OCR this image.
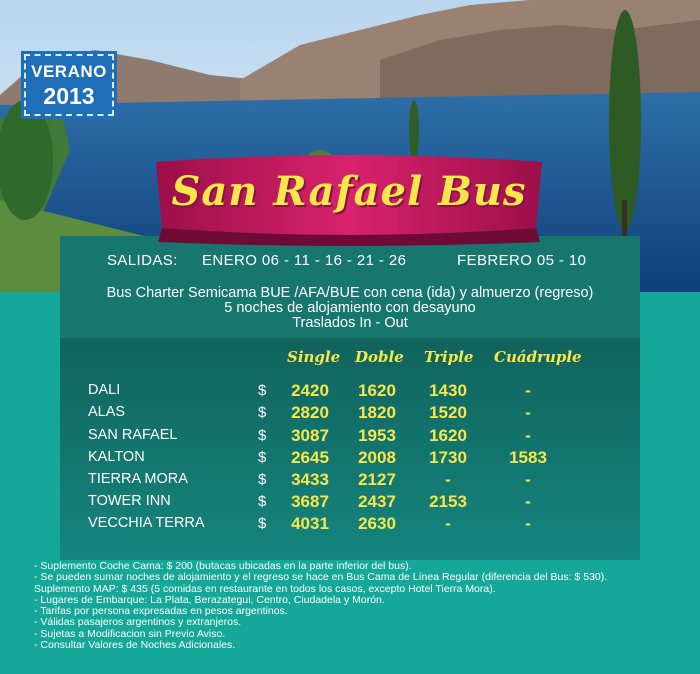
VERANO
2013
San Rafael Bus
SALIDAS: ENERO 06 - 11 - 16 - 21 - 26	FEBRERO 05 - 10
Bus Charter Semicama BUE /AFA/BUE con cena (ida) y almuerzo (regreso)
5 noches de alojamiento con desayuno
Traslados In - Out
Single Doble Triple Cuádruple
DALI	$	2420	1620	1430	-
ALAS	$	2820	1820	1520	-
SAN RAFAEL	$	3087	1953	1620	-
KALTON	$	2645	2008	1730	1583
TIERRA MORA	$	3433	2127	-	-
TOWER INN	$	3687	2437	2153	-
VECCHIA TERRA	$	4031	2630	-	-
- Suplemento Coche Cama: $ 200 (butacas ubicadas en la parte inferior del bus).
- Se pueden sumar noches de alojamiento y el regreso se hace en Bus Cama de Línea Regular (diferencia del Bus: $ 530).
Suplemento MAP: $ 435 (5 comidas en restaurante en todos los casos, excepto Hotel Tierra Mora).
- Lugares de Embarque: La Plata, Berazategui, Centro, Ciudadela y Morón.
- Tarifas por persona expresadas en pesos argentinos.
- Válidas pasajeros argentinos y extranjeros.
- Sujetas a Modificacion sin Previo Aviso.
- Consultar Valores de Noches Adicionales.
